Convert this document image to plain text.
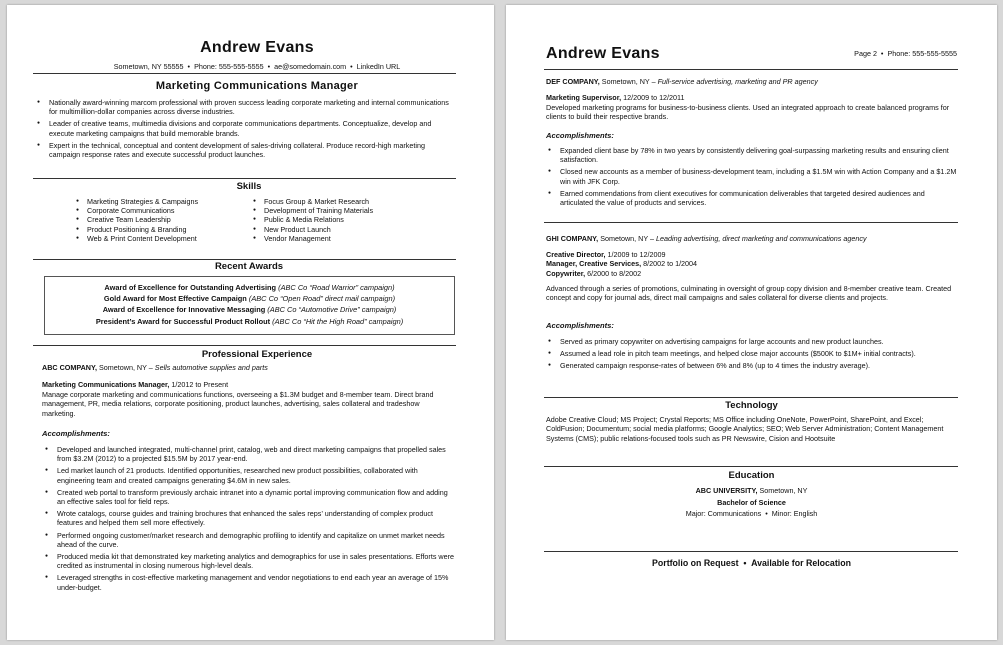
Andrew Evans
Sometown, NY 55555  •  Phone: 555-555-5555  •  ae@somedomain.com  •  LinkedIn URL
Marketing Communications Manager
● Nationally award-winning marcom professional with proven success leading corporate marketing and internal communications for multimillion-dollar companies across diverse industries.
● Leader of creative teams, multimedia divisions and corporate communications departments. Conceptualize, develop and execute marketing campaigns that build memorable brands.
● Expert in the technical, conceptual and content development of sales-driving collateral. Produce record-high marketing campaign response rates and execute successful product launches.
Skills
● Marketing Strategies & Campaigns
● Corporate Communications
● Creative Team Leadership
● Product Positioning & Branding
● Web & Print Content Development
● Focus Group & Market Research
● Development of Training Materials
● Public & Media Relations
● New Product Launch
● Vendor Management
Recent Awards
Award of Excellence for Outstanding Advertising (ABC Co “Road Warrior” campaign)
Gold Award for Most Effective Campaign (ABC Co “Open Road” direct mail campaign)
Award of Excellence for Innovative Messaging (ABC Co “Automotive Drive” campaign)
President’s Award for Successful Product Rollout (ABC Co “Hit the High Road” campaign)
Professional Experience
ABC COMPANY, Sometown, NY – Sells automotive supplies and parts
Marketing Communications Manager, 1/2012 to Present
Manage corporate marketing and communications functions, overseeing a $1.3M budget and 8-member team. Direct brand management, PR, media relations, corporate positioning, product launches, advertising, sales collateral and tradeshow marketing.
Accomplishments:
● Developed and launched integrated, multi-channel print, catalog, web and direct marketing campaigns that propelled sales from $3.2M (2012) to a projected $15.5M by 2017 year-end.
● Led market launch of 21 products. Identified opportunities, researched new product possibilities, collaborated with engineering team and created campaigns generating $4.6M in new sales.
● Created web portal to transform previously archaic intranet into a dynamic portal improving communication flow and adding an effective sales tool for field reps.
● Wrote catalogs, course guides and training brochures that enhanced the sales reps’ understanding of complex product features and helped them sell more effectively.
● Performed ongoing customer/market research and demographic profiling to identify and capitalize on unmet market needs ahead of the curve.
● Produced media kit that demonstrated key marketing analytics and demographics for use in sales presentations. Efforts were credited as instrumental in closing numerous high-level deals.
● Leveraged strengths in cost-effective marketing management and vendor negotiations to end each year an average of 15% under-budget.
Andrew Evans	Page 2  •  Phone: 555-555-5555
DEF COMPANY, Sometown, NY – Full-service advertising, marketing and PR agency
Marketing Supervisor, 12/2009 to 12/2011
Developed marketing programs for business-to-business clients. Used an integrated approach to create balanced programs for clients to build their respective brands.
Accomplishments:
● Expanded client base by 78% in two years by consistently delivering goal-surpassing marketing results and ensuring client satisfaction.
● Closed new accounts as a member of business-development team, including a $1.5M win with Action Company and a $1.2M win with JFK Corp.
● Earned commendations from client executives for communication deliverables that targeted desired audiences and articulated the value of products and services.
GHI COMPANY, Sometown, NY – Leading advertising, direct marketing and communications agency
Creative Director, 1/2009 to 12/2009
Manager, Creative Services, 8/2002 to 1/2004
Copywriter, 6/2000 to 8/2002
Advanced through a series of promotions, culminating in oversight of group copy division and 8-member creative team. Created concept and copy for journal ads, direct mail campaigns and sales collateral for diverse clients and projects.
Accomplishments:
● Served as primary copywriter on advertising campaigns for large accounts and new product launches.
● Assumed a lead role in pitch team meetings, and helped close major accounts ($500K to $1M+ initial contracts).
● Generated campaign response-rates of between 6% and 8% (up to 4 times the industry average).
Technology
Adobe Creative Cloud; MS Project; Crystal Reports; MS Office including OneNote, PowerPoint, SharePoint, and Excel; ColdFusion; Documentum; social media platforms; Google Analytics; SEO; Web Server Administration; Content Management Systems (CMS); public relations-focused tools such as PR Newswire, Cision and Hootsuite
Education
ABC UNIVERSITY, Sometown, NY
Bachelor of Science
Major: Communications  •  Minor: English
Portfolio on Request  •  Available for Relocation
